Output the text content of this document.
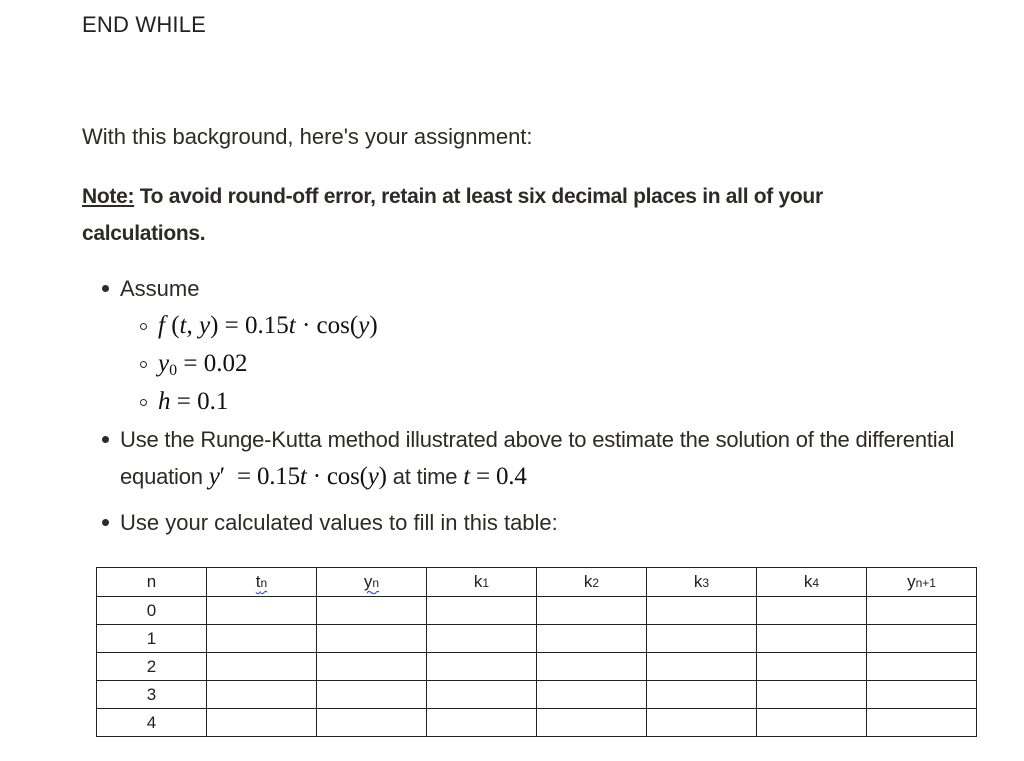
END WHILE
With this background, here's your assignment:
Note: To avoid round-off error, retain at least six decimal places in all of your calculations.
Assume
f (t, y) = 0.15t · cos(y)
$y_0 = 0.02$
h = 0.1
Use the Runge-Kutta method illustrated above to estimate the solution of the differential equation y′  = 0.15t · cos(y) at time t = 0.4
Use your calculated values to fill in this table:
n	tn	yn	k1	k2	k3	k4	yn+1
0							
1							
2							
3							
4							
